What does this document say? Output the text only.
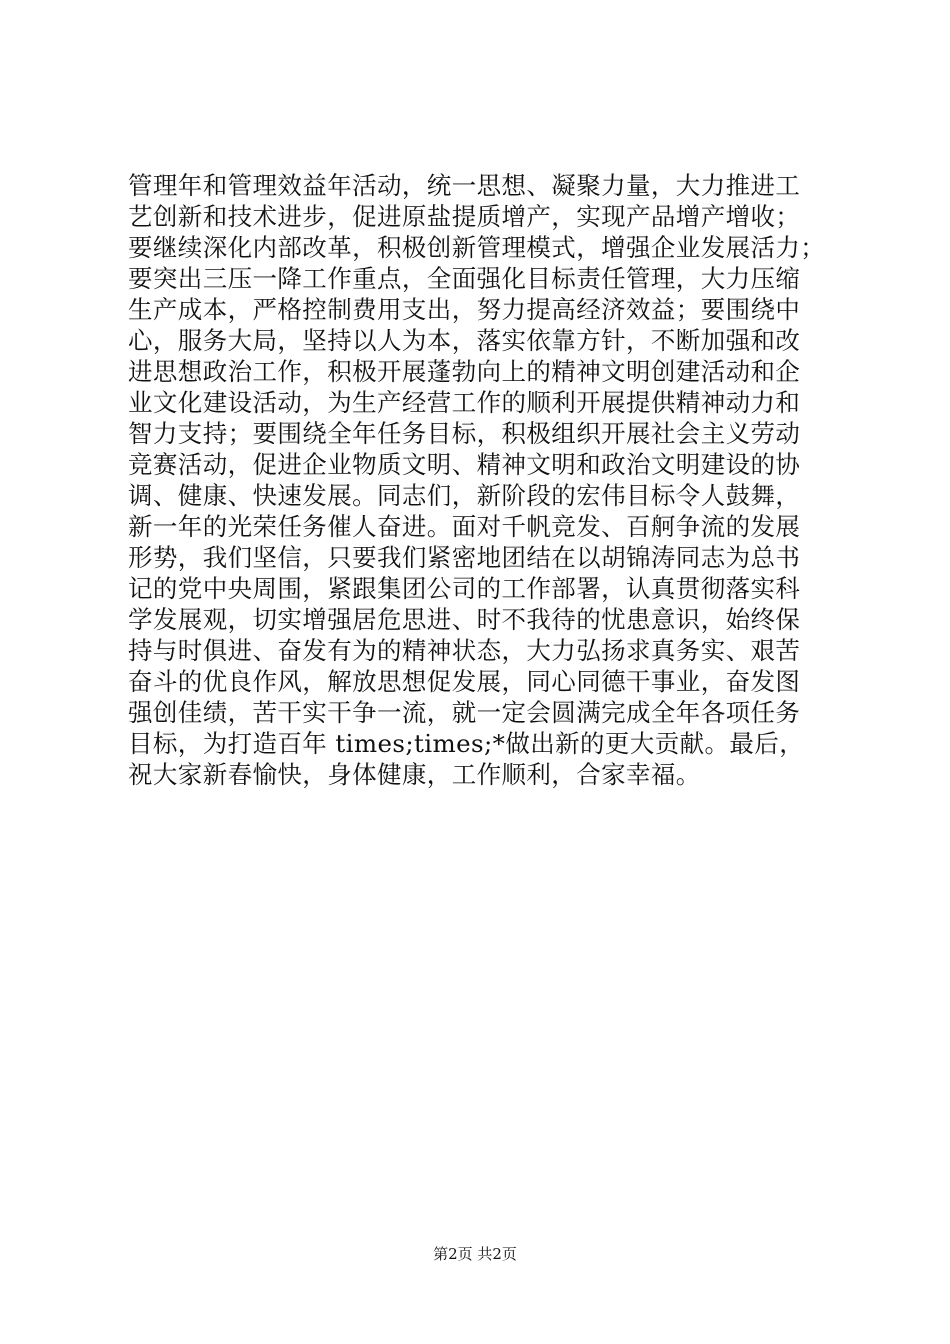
管理年和管理效益年活动，统一思想、凝聚力量，大力推进工
艺创新和技术进步，促进原盐提质增产，实现产品增产增收；
要继续深化内部改革，积极创新管理模式，增强企业发展活力；
要突出三压一降工作重点，全面强化目标责任管理，大力压缩
生产成本，严格控制费用支出，努力提高经济效益；要围绕中
心，服务大局，坚持以人为本，落实依靠方针，不断加强和改
进思想政治工作，积极开展蓬勃向上的精神文明创建活动和企
业文化建设活动，为生产经营工作的顺利开展提供精神动力和
智力支持；要围绕全年任务目标，积极组织开展社会主义劳动
竞赛活动，促进企业物质文明、精神文明和政治文明建设的协
调、健康、快速发展。同志们，新阶段的宏伟目标令人鼓舞，
新一年的光荣任务催人奋进。面对千帆竞发、百舸争流的发展
形势，我们坚信，只要我们紧密地团结在以胡锦涛同志为总书
记的党中央周围，紧跟集团公司的工作部署，认真贯彻落实科
学发展观，切实增强居危思进、时不我待的忧患意识，始终保
持与时俱进、奋发有为的精神状态，大力弘扬求真务实、艰苦
奋斗的优良作风，解放思想促发展，同心同德干事业，奋发图
强创佳绩，苦干实干争一流，就一定会圆满完成全年各项任务
目标，为打造百年 times;times;*做出新的更大贡献。最后，
祝大家新春愉快，身体健康，工作顺利，合家幸福。
第2页 共2页
